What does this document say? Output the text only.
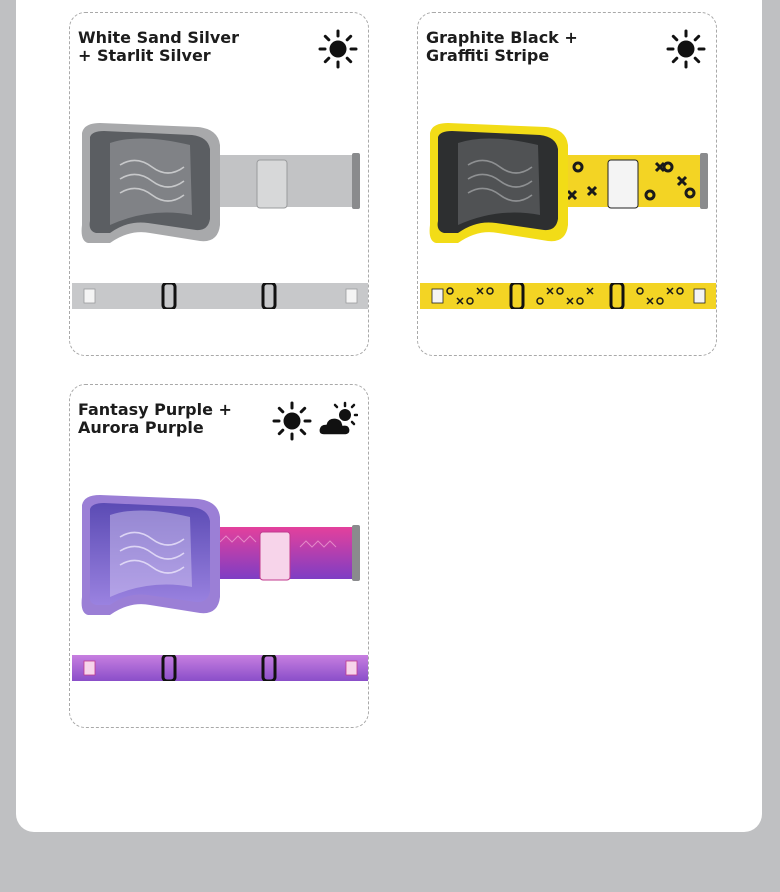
White Sand Silver
+ Starlit Silver
Graphite Black +
Graffiti Stripe
Fantasy Purple +
Aurora Purple
